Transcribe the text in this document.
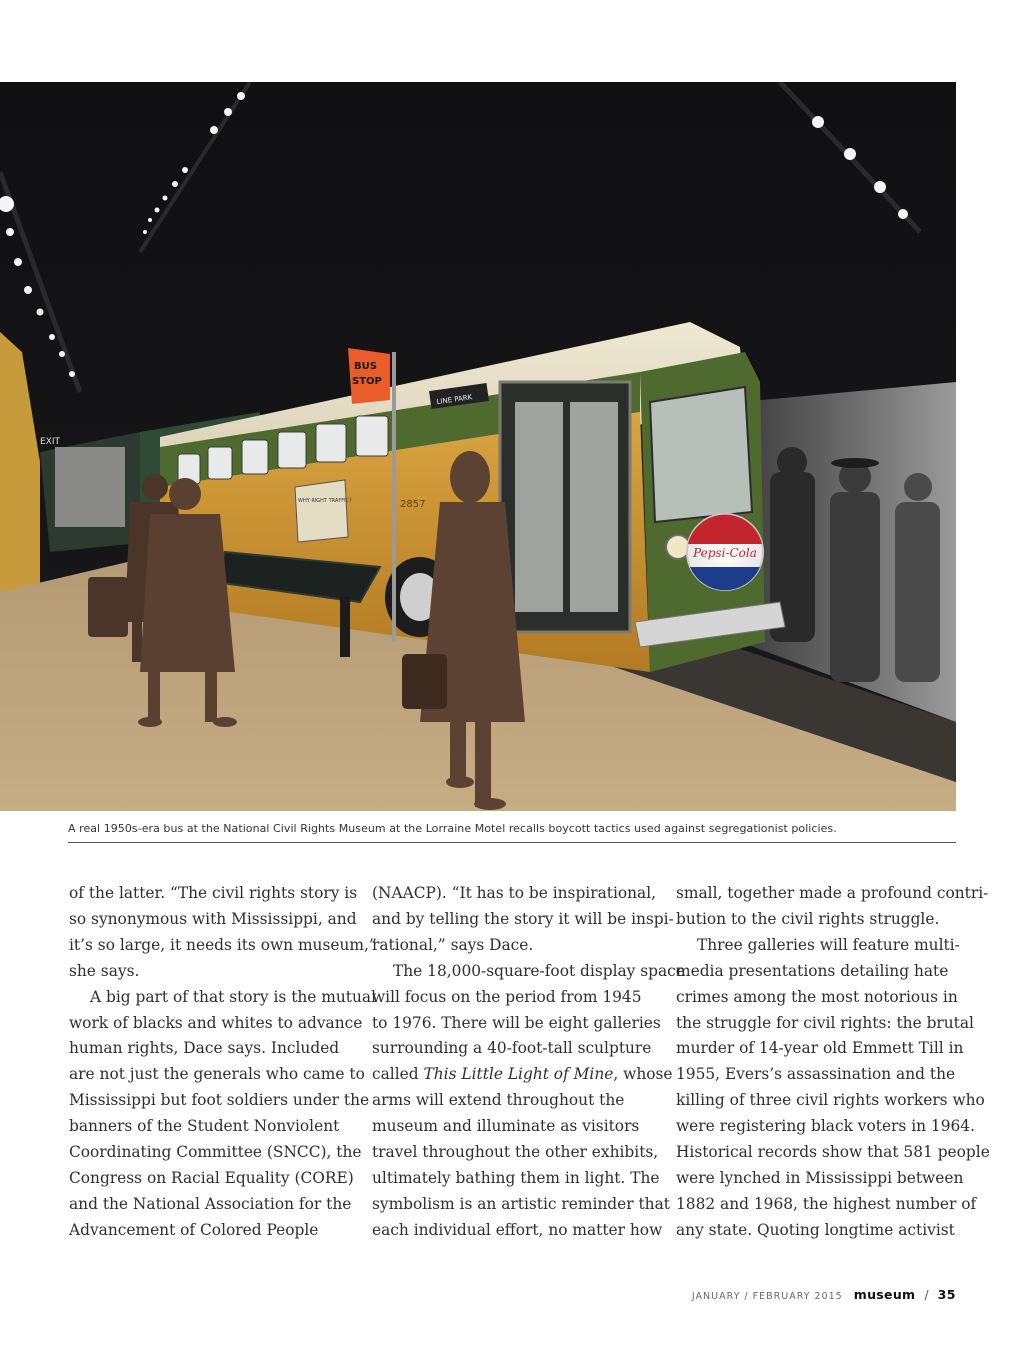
EXIT
LINE PARK
2857
WHY RIGHT TRAFFIC?
Pepsi-Cola
BUS
STOP
A real 1950s-era bus at the National Civil Rights Museum at the Lorraine Motel recalls boycott tactics used against segregationist policies.
of the latter. “The civil rights story is
so synonymous with Mississippi, and
it’s so large, it needs its own museum,”
she says.
A big part of that story is the mutual
work of blacks and whites to advance
human rights, Dace says. Included
are not just the generals who came to
Mississippi but foot soldiers under the
banners of the Student Nonviolent
Coordinating Committee (SNCC), the
Congress on Racial Equality (CORE)
and the National Association for the
Advancement of Colored People
(NAACP). “It has to be inspirational,
and by telling the story it will be inspi-
rational,” says Dace.
The 18,000-square-foot display space
will focus on the period from 1945
to 1976. There will be eight galleries
surrounding a 40-foot-tall sculpture
called This Little Light of Mine, whose
arms will extend throughout the
museum and illuminate as visitors
travel throughout the other exhibits,
ultimately bathing them in light. The
symbolism is an artistic reminder that
each individual effort, no matter how
small, together made a profound contri-
bution to the civil rights struggle.
Three galleries will feature multi-
media presentations detailing hate
crimes among the most notorious in
the struggle for civil rights: the brutal
murder of 14-year old Emmett Till in
1955, Evers’s assassination and the
killing of three civil rights workers who
were registering black voters in 1964.
Historical records show that 581 people
were lynched in Mississippi between
1882 and 1968, the highest number of
any state. Quoting longtime activist
JANUARY / FEBRUARY 2015 museum / 35
